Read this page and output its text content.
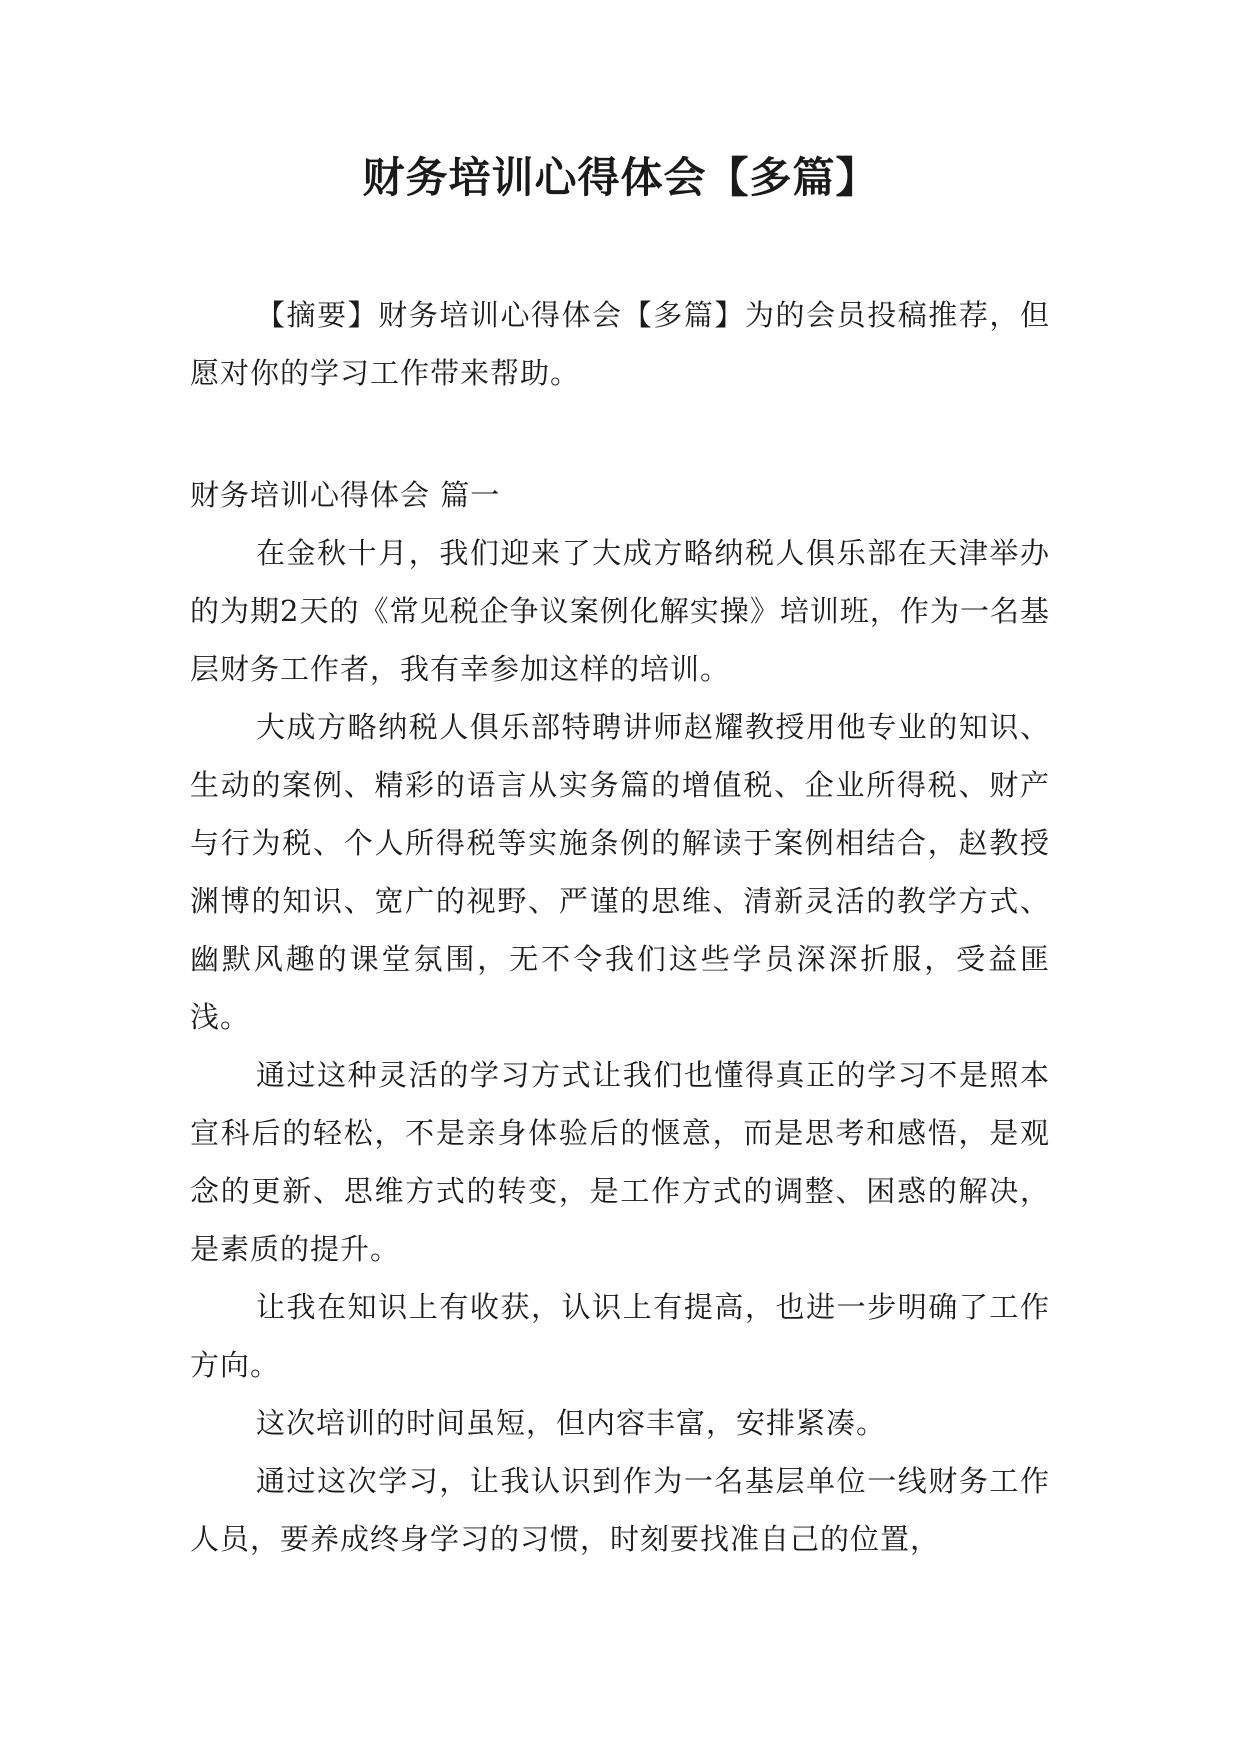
财务培训心得体会【多篇】

【摘要】财务培训心得体会【多篇】为的会员投稿推荐，但愿对你的学习工作带来帮助。

财务培训心得体会 篇一

在金秋十月，我们迎来了大成方略纳税人俱乐部在天津举办的为期2天的《常见税企争议案例化解实操》培训班，作为一名基层财务工作者，我有幸参加这样的培训。

大成方略纳税人俱乐部特聘讲师赵耀教授用他专业的知识、生动的案例、精彩的语言从实务篇的增值税、企业所得税、财产与行为税、个人所得税等实施条例的解读于案例相结合，赵教授渊博的知识、宽广的视野、严谨的思维、清新灵活的教学方式、幽默风趣的课堂氛围，无不令我们这些学员深深折服，受益匪浅。

通过这种灵活的学习方式让我们也懂得真正的学习不是照本宣科后的轻松，不是亲身体验后的惬意，而是思考和感悟，是观念的更新、思维方式的转变，是工作方式的调整、困惑的解决，是素质的提升。

让我在知识上有收获，认识上有提高，也进一步明确了工作方向。

这次培训的时间虽短，但内容丰富，安排紧凑。

通过这次学习，让我认识到作为一名基层单位一线财务工作人员，要养成终身学习的习惯，时刻要找准自己的位置，
